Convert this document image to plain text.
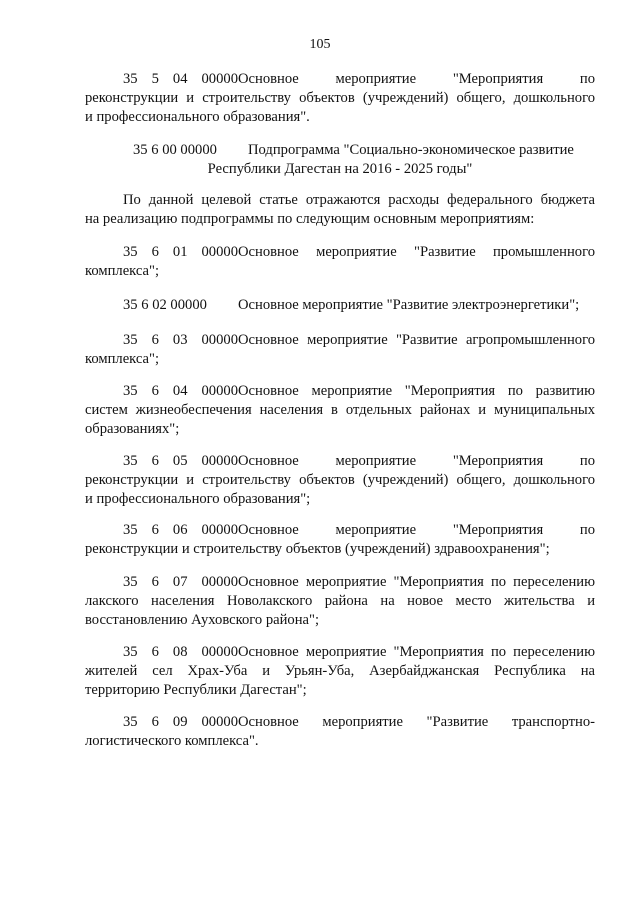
105
35 5 04 00000Основное мероприятие "Мероприятия по
реконструкции и строительству объектов (учреждений) общего, дошкольного
и профессионального образования".
35 6 00 00000 Подпрограмма "Социально-экономическое развитие
Республики Дагестан на 2016 - 2025 годы"
По данной целевой статье отражаются расходы федерального бюджета
на реализацию подпрограммы по следующим основным мероприятиям:
35 6 01 00000Основное мероприятие "Развитие промышленного
комплекса";
35 6 02 00000 Основное мероприятие "Развитие электроэнергетики";
35 6 03 00000Основное мероприятие "Развитие агропромышленного
комплекса";
35 6 04 00000Основное мероприятие "Мероприятия по развитию
систем жизнеобеспечения населения в отдельных районах и муниципальных
образованиях";
35 6 05 00000Основное мероприятие "Мероприятия по
реконструкции и строительству объектов (учреждений) общего, дошкольного
и профессионального образования";
35 6 06 00000Основное мероприятие "Мероприятия по
реконструкции и строительству объектов (учреждений) здравоохранения";
35 6 07 00000Основное мероприятие "Мероприятия по переселению
лакского населения Новолакского района на новое место жительства и
восстановлению Ауховского района";
35 6 08 00000Основное мероприятие "Мероприятия по переселению
жителей сел Храх-Уба и Урьян-Уба, Азербайджанская Республика на
территорию Республики Дагестан";
35 6 09 00000Основное мероприятие "Развитие транспортно-
логистического комплекса".
